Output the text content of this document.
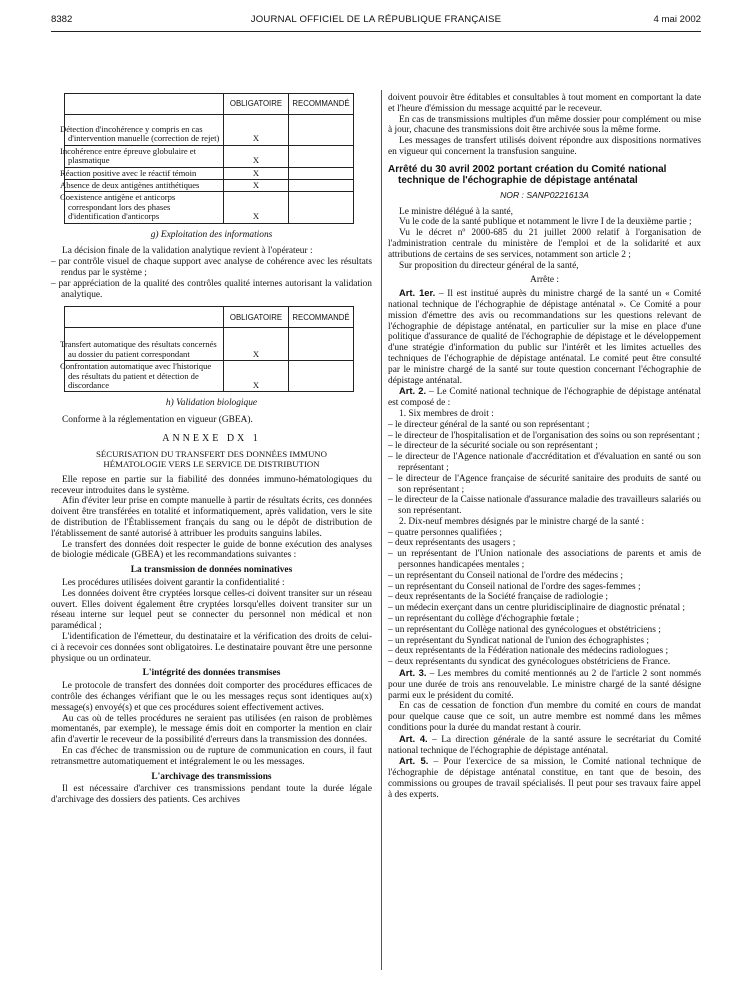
8382	JOURNAL OFFICIEL DE LA RÉPUBLIQUE FRANÇAISE	4 mai 2002
	OBLIGATOIRE	RECOMMANDÉ
Détection d'incohérence y compris en cas d'intervention manuelle (correction de rejet)	X	
Incohérence entre épreuve globulaire et plasmatique	X	
Réaction positive avec le réactif témoin	X	
Absence de deux antigènes antithétiques	X	
Coexistence antigène et anticorps correspondant lors des phases d'identification d'anticorps	X	

g) Exploitation des informations

La décision finale de la validation analytique revient à l'opérateur :

– par contrôle visuel de chaque support avec analyse de cohérence avec les résultats rendus par le système ;

– par appréciation de la qualité des contrôles qualité internes autorisant la validation analytique.

	OBLIGATOIRE	RECOMMANDÉ
Transfert automatique des résultats concernés au dossier du patient correspondant	X	
Confrontation automatique avec l'historique des résultats du patient et détection de discordance	X	

h) Validation biologique

Conforme à la réglementation en vigueur (GBEA).

ANNEXE DX 1

SÉCURISATION DU TRANSFERT DES DONNÉES IMMUNO HÉMATOLOGIE VERS LE SERVICE DE DISTRIBUTION

Elle repose en partie sur la fiabilité des données immuno-hématologiques du receveur introduites dans le système.

Afin d'éviter leur prise en compte manuelle à partir de résultats écrits, ces données doivent être transférées en totalité et informatiquement, après validation, vers le site de distribution de l'Établissement français du sang ou le dépôt de distribution de l'établissement de santé autorisé à attribuer les produits sanguins labiles.

Le transfert des données doit respecter le guide de bonne exécution des analyses de biologie médicale (GBEA) et les recommandations suivantes :

La transmission de données nominatives

Les procédures utilisées doivent garantir la confidentialité :

Les données doivent être cryptées lorsque celles-ci doivent transiter sur un réseau ouvert. Elles doivent également être cryptées lorsqu'elles doivent transiter sur un réseau interne sur lequel peut se connecter du personnel non médical et non paramédical ;

L'identification de l'émetteur, du destinataire et la vérification des droits de celui-ci à recevoir ces données sont obligatoires. Le destinataire pouvant être une personne physique ou un ordinateur.

L'intégrité des données transmises

Le protocole de transfert des données doit comporter des procédures efficaces de contrôle des échanges vérifiant que le ou les messages reçus sont identiques au(x) message(s) envoyé(s) et que ces procédures soient effectivement actives.

Au cas où de telles procédures ne seraient pas utilisées (en raison de problèmes momentanés, par exemple), le message émis doit en comporter la mention en clair afin d'avertir le receveur de la possibilité d'erreurs dans la transmission des données.

En cas d'échec de transmission ou de rupture de communication en cours, il faut retransmettre automatiquement et intégralement le ou les messages.

L'archivage des transmissions

Il est nécessaire d'archiver ces transmissions pendant toute la durée légale d'archivage des dossiers des patients. Ces archives

doivent pouvoir être éditables et consultables à tout moment en comportant la date et l'heure d'émission du message acquitté par le receveur.

En cas de transmissions multiples d'un même dossier pour complément ou mise à jour, chacune des transmissions doit être archivée sous la même forme.

Les messages de transfert utilisés doivent répondre aux dispositions normatives en vigueur qui concernent la transfusion sanguine.

Arrêté du 30 avril 2002 portant création du Comité national technique de l'échographie de dépistage anténatal

NOR : SANP0221613A

Le ministre délégué à la santé,

Vu le code de la santé publique et notamment le livre I de la deuxième partie ;

Vu le décret nº 2000-685 du 21 juillet 2000 relatif à l'organisation de l'administration centrale du ministère de l'emploi et de la solidarité et aux attributions de certains de ses services, notamment son article 2 ;

Sur proposition du directeur général de la santé,

Arrête :

Art. 1er. – Il est institué auprès du ministre chargé de la santé un « Comité national technique de l'échographie de dépistage anténatal ». Ce Comité a pour mission d'émettre des avis ou recommandations sur les questions relevant de l'échographie de dépistage anténatal, en particulier sur la mise en place d'une politique d'assurance de qualité de l'échographie de dépistage et le développement d'une stratégie d'information du public sur l'intérêt et les limites actuelles des techniques de l'échographie de dépistage anténatal. Le comité peut être consulté par le ministre chargé de la santé sur toute question concernant l'échographie de dépistage anténatal.

Art. 2. – Le Comité national technique de l'échographie de dépistage anténatal est composé de :

1. Six membres de droit :

– le directeur général de la santé ou son représentant ;

– le directeur de l'hospitalisation et de l'organisation des soins ou son représentant ;

– le directeur de la sécurité sociale ou son représentant ;

– le directeur de l'Agence nationale d'accréditation et d'évaluation en santé ou son représentant ;

– le directeur de l'Agence française de sécurité sanitaire des produits de santé ou son représentant ;

– le directeur de la Caisse nationale d'assurance maladie des travailleurs salariés ou son représentant.

2. Dix-neuf membres désignés par le ministre chargé de la santé :

– quatre personnes qualifiées ;

– deux représentants des usagers ;

– un représentant de l'Union nationale des associations de parents et amis de personnes handicapées mentales ;

– un représentant du Conseil national de l'ordre des médecins ;

– un représentant du Conseil national de l'ordre des sages-femmes ;

– deux représentants de la Société française de radiologie ;

– un médecin exerçant dans un centre pluridisciplinaire de diagnostic prénatal ;

– un représentant du collège d'échographie fœtale ;

– un représentant du Collège national des gynécologues et obstétriciens ;

– un représentant du Syndicat national de l'union des échographistes ;

– deux représentants de la Fédération nationale des médecins radiologues ;

– deux représentants du syndicat des gynécologues obstétriciens de France.

Art. 3. – Les membres du comité mentionnés au 2 de l'article 2 sont nommés pour une durée de trois ans renouvelable. Le ministre chargé de la santé désigne parmi eux le président du comité.

En cas de cessation de fonction d'un membre du comité en cours de mandat pour quelque cause que ce soit, un autre membre est nommé dans les mêmes conditions pour la durée du mandat restant à courir.

Art. 4. – La direction générale de la santé assure le secrétariat du Comité national technique de l'échographie de dépistage anténatal.

Art. 5. – Pour l'exercice de sa mission, le Comité national technique de l'échographie de dépistage anténatal constitue, en tant que de besoin, des commissions ou groupes de travail spécialisés. Il peut pour ses travaux faire appel à des experts.
